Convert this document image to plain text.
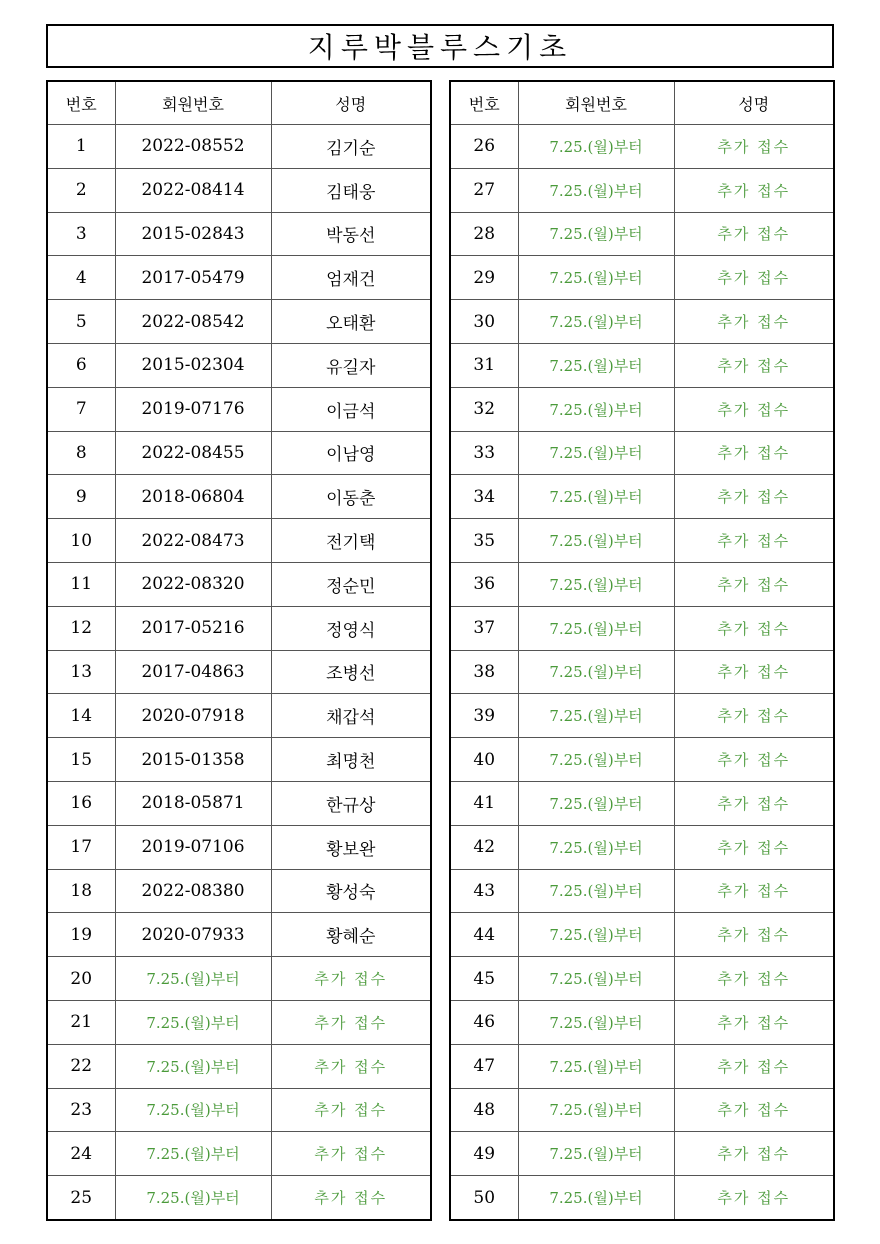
지루박블루스기초
번호	회원번호	성명
1	2022-08552	김기순
2	2022-08414	김태웅
3	2015-02843	박동선
4	2017-05479	엄재건
5	2022-08542	오태환
6	2015-02304	유길자
7	2019-07176	이금석
8	2022-08455	이남영
9	2018-06804	이동춘
10	2022-08473	전기택
11	2022-08320	정순민
12	2017-05216	정영식
13	2017-04863	조병선
14	2020-07918	채갑석
15	2015-01358	최명천
16	2018-05871	한규상
17	2019-07106	황보완
18	2022-08380	황성숙
19	2020-07933	황혜순
20	7.25.(월)부터	추가 접수
21	7.25.(월)부터	추가 접수
22	7.25.(월)부터	추가 접수
23	7.25.(월)부터	추가 접수
24	7.25.(월)부터	추가 접수
25	7.25.(월)부터	추가 접수
번호	회원번호	성명
26	7.25.(월)부터	추가 접수
27	7.25.(월)부터	추가 접수
28	7.25.(월)부터	추가 접수
29	7.25.(월)부터	추가 접수
30	7.25.(월)부터	추가 접수
31	7.25.(월)부터	추가 접수
32	7.25.(월)부터	추가 접수
33	7.25.(월)부터	추가 접수
34	7.25.(월)부터	추가 접수
35	7.25.(월)부터	추가 접수
36	7.25.(월)부터	추가 접수
37	7.25.(월)부터	추가 접수
38	7.25.(월)부터	추가 접수
39	7.25.(월)부터	추가 접수
40	7.25.(월)부터	추가 접수
41	7.25.(월)부터	추가 접수
42	7.25.(월)부터	추가 접수
43	7.25.(월)부터	추가 접수
44	7.25.(월)부터	추가 접수
45	7.25.(월)부터	추가 접수
46	7.25.(월)부터	추가 접수
47	7.25.(월)부터	추가 접수
48	7.25.(월)부터	추가 접수
49	7.25.(월)부터	추가 접수
50	7.25.(월)부터	추가 접수
